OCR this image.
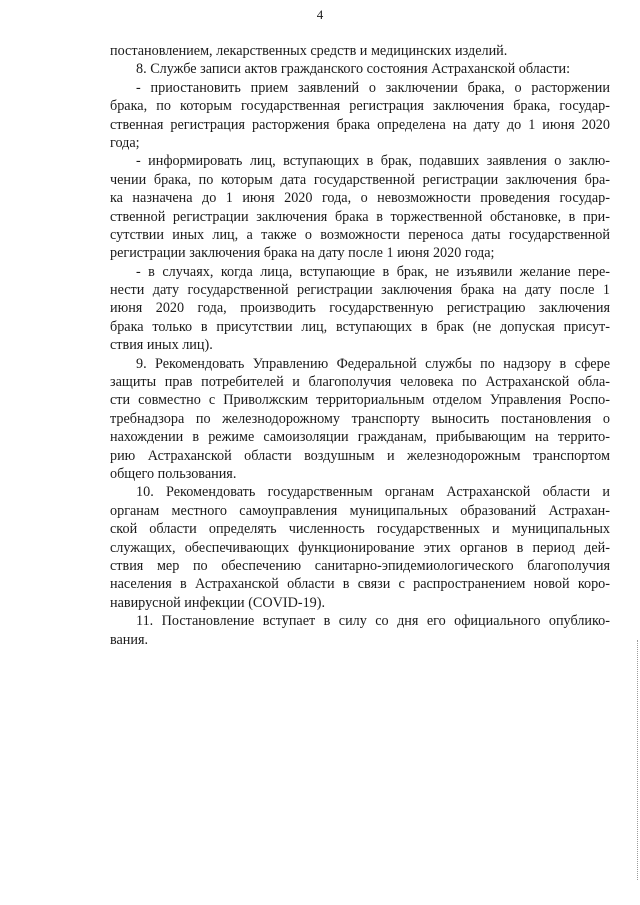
4
постановлением, лекарственных средств и медицинских изделий.
8. Службе записи актов гражданского состояния Астраханской области:
- приостановить прием заявлений о заключении брака, о расторжении
брака, по которым государственная регистрация заключения брака, государ-
ственная регистрация расторжения брака определена на дату до 1 июня 2020
года;
- информировать лиц, вступающих в брак, подавших заявления о заклю-
чении брака, по которым дата государственной регистрации заключения бра-
ка назначена до 1 июня 2020 года, о невозможности проведения государ-
ственной регистрации заключения брака в торжественной обстановке, в при-
сутствии иных лиц, а также о возможности переноса даты государственной
регистрации заключения брака на дату после 1 июня 2020 года;
- в случаях, когда лица, вступающие в брак, не изъявили желание пере-
нести дату государственной регистрации заключения брака на дату после 1
июня 2020 года, производить государственную регистрацию заключения
брака только в присутствии лиц, вступающих в брак (не допуская присут-
ствия иных лиц).
9. Рекомендовать Управлению Федеральной службы по надзору в сфере
защиты прав потребителей и благополучия человека по Астраханской обла-
сти совместно с Приволжским территориальным отделом Управления Роспо-
требнадзора по железнодорожному транспорту выносить постановления о
нахождении в режиме самоизоляции гражданам, прибывающим на террито-
рию Астраханской области воздушным и железнодорожным транспортом
общего пользования.
10. Рекомендовать государственным органам Астраханской области и
органам местного самоуправления муниципальных образований Астрахан-
ской области определять численность государственных и муниципальных
служащих, обеспечивающих функционирование этих органов в период дей-
ствия мер по обеспечению санитарно-эпидемиологического благополучия
населения в Астраханской области в связи с распространением новой коро-
навирусной инфекции (COVID-19).
11. Постановление вступает в силу со дня его официального опублико-
вания.
